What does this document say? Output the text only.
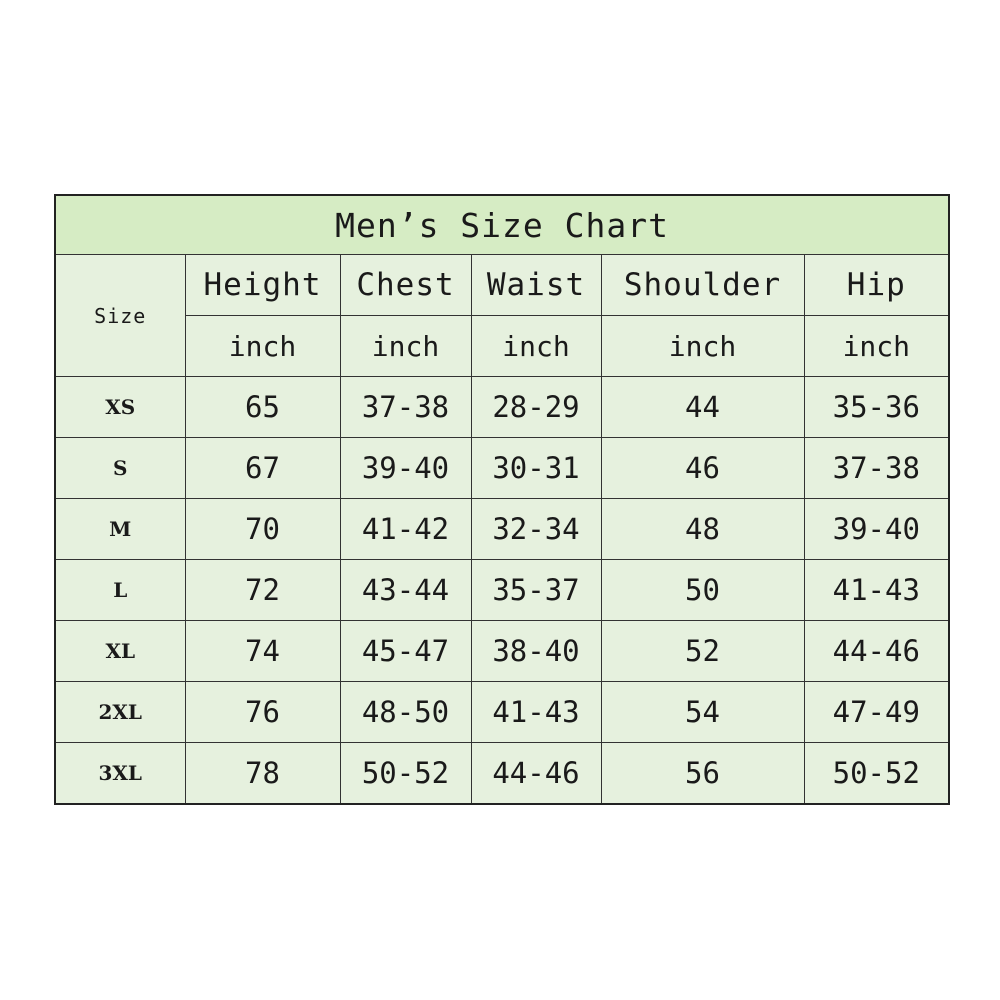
Men’s Size Chart					
Size	Height	Chest	Waist	Shoulder	Hip
	inch	inch	inch	inch	inch
XS	65	37-38	28-29	44	35-36
S	67	39-40	30-31	46	37-38
M	70	41-42	32-34	48	39-40
L	72	43-44	35-37	50	41-43
XL	74	45-47	38-40	52	44-46
2XL	76	48-50	41-43	54	47-49
3XL	78	50-52	44-46	56	50-52
